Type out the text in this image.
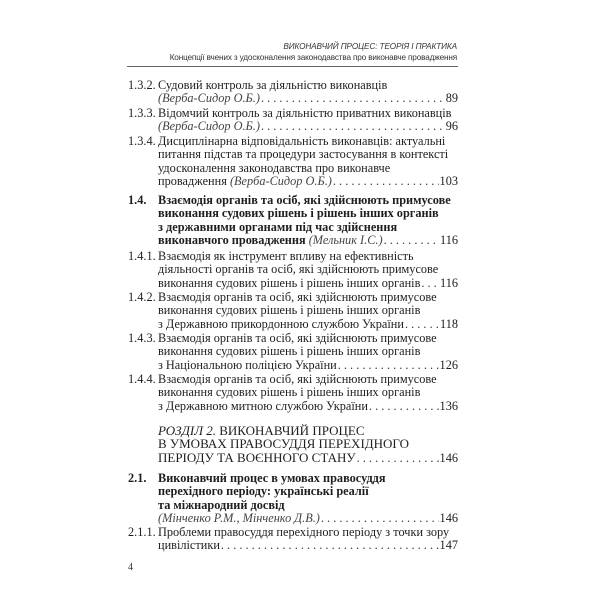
ВИКОНАВЧИЙ ПРОЦЕС: ТЕОРІЯ І ПРАКТИКА
Концепції вчених з удосконалення законодавства про виконавче провадження
1.3.2. Судовий контроль за діяльністю виконавців
(Верба-Сидор О.Б.) . . .	89
1.3.3. Відомчий контроль за діяльністю приватних виконавців
(Верба-Сидор О.Б.) . . .	96
1.3.4. Дисциплінарна відповідальність виконавців: актуальні
питання підстав та процедури застосування в контексті
удосконалення законодавства про виконавче
провадження
(Верба-Сидор О.Б.) . . .	103
1.4. Взаємодія органів та осіб, які здійснюють примусове
виконання судових рішень і рішень інших органів
з державними органами під час здійснення
виконавчого провадження
(Мельник І.С.) . . .	116
1.4.1. Взаємодія як інструмент впливу на ефективність
діяльності органів та осіб, які здійснюють примусове
виконання судових рішень і рішень інших органів . . . 116
1.4.2. Взаємодія органів та осіб, які здійснюють примусове
виконання судових рішень і рішень інших органів
з Державною прикордонною службою України . . .	118
1.4.3. Взаємодія органів та осіб, які здійснюють примусове
виконання судових рішень і рішень інших органів
з Національною поліцією України . . .	126
1.4.4. Взаємодія органів та осіб, які здійснюють примусове
виконання судових рішень і рішень інших органів
з Державною митною службою України . . .	136
РОЗДІЛ 2. ВИКОНАВЧИЙ ПРОЦЕС
В УМОВАХ ПРАВОСУДДЯ ПЕРЕХІДНОГО
ПЕРІОДУ ТА ВОЄННОГО СТАНУ . . .	146
2.1. Виконавчий процес в умовах правосуддя
перехідного періоду: українські реалії
та міжнародний досвід
(Мінченко Р.М., Мінченко Д.В.) . . .	146
2.1.1. Проблеми правосуддя перехідного періоду з точки зору
цивілістики . . .	147
4
